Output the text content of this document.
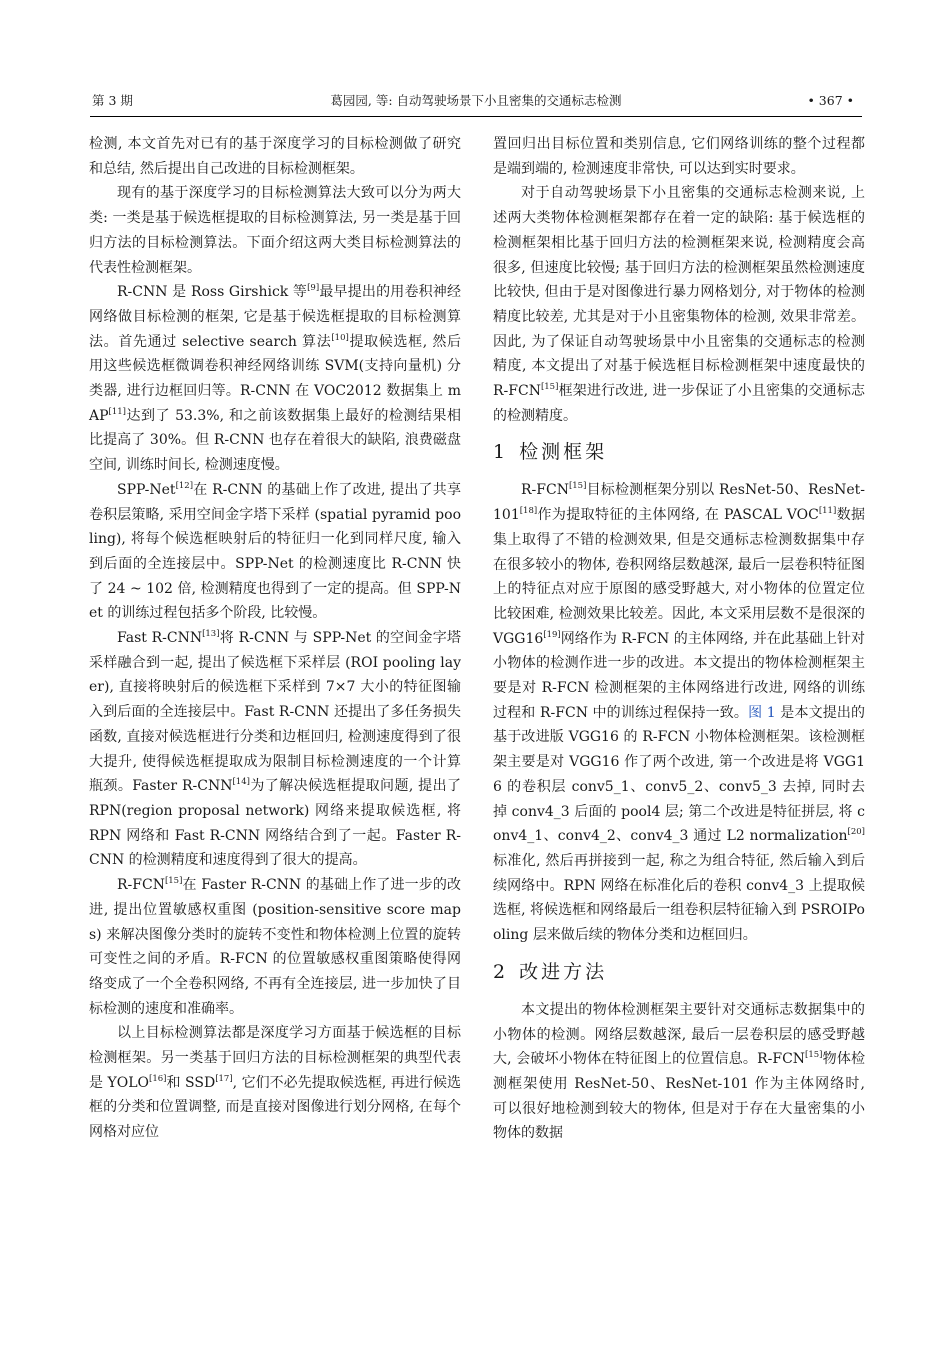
第 3 期	葛园园, 等: 自动驾驶场景下小且密集的交通标志检测	• 367 •

检测, 本文首先对已有的基于深度学习的目标检测做了研究和总结, 然后提出自己改进的目标检测框架。

现有的基于深度学习的目标检测算法大致可以分为两大类: 一类是基于候选框提取的目标检测算法, 另一类是基于回归方法的目标检测算法。下面介绍这两大类目标检测算法的代表性检测框架。

R-CNN 是 Ross Girshick 等[9]最早提出的用卷积神经网络做目标检测的框架, 它是基于候选框提取的目标检测算法。首先通过 selective search 算法[10]提取候选框, 然后用这些候选框微调卷积神经网络训练 SVM(支持向量机) 分类器, 进行边框回归等。R-CNN 在 VOC2012 数据集上 mAP[11]达到了 53.3%, 和之前该数据集上最好的检测结果相比提高了 30%。但 R-CNN 也存在着很大的缺陷, 浪费磁盘空间, 训练时间长, 检测速度慢。

SPP-Net[12]在 R-CNN 的基础上作了改进, 提出了共享卷积层策略, 采用空间金字塔下采样 (spatial pyramid pooling), 将每个候选框映射后的特征归一化到同样尺度, 输入到后面的全连接层中。SPP-Net 的检测速度比 R-CNN 快了 24 ~ 102 倍, 检测精度也得到了一定的提高。但 SPP-Net 的训练过程包括多个阶段, 比较慢。

Fast R-CNN[13]将 R-CNN 与 SPP-Net 的空间金字塔采样融合到一起, 提出了候选框下采样层 (ROI pooling layer), 直接将映射后的候选框下采样到 7×7 大小的特征图输入到后面的全连接层中。Fast R-CNN 还提出了多任务损失函数, 直接对候选框进行分类和边框回归, 检测速度得到了很大提升, 使得候选框提取成为限制目标检测速度的一个计算瓶颈。Faster R-CNN[14]为了解决候选框提取问题, 提出了 RPN(region proposal network) 网络来提取候选框, 将 RPN 网络和 Fast R-CNN 网络结合到了一起。Faster R-CNN 的检测精度和速度得到了很大的提高。

R-FCN[15]在 Faster R-CNN 的基础上作了进一步的改进, 提出位置敏感权重图 (position-sensitive score maps) 来解决图像分类时的旋转不变性和物体检测上位置的旋转可变性之间的矛盾。R-FCN 的位置敏感权重图策略使得网络变成了一个全卷积网络, 不再有全连接层, 进一步加快了目标检测的速度和准确率。

以上目标检测算法都是深度学习方面基于候选框的目标检测框架。另一类基于回归方法的目标检测框架的典型代表是 YOLO[16]和 SSD[17], 它们不必先提取候选框, 再进行候选框的分类和位置调整, 而是直接对图像进行划分网格, 在每个网格对应位

置回归出目标位置和类别信息, 它们网络训练的整个过程都是端到端的, 检测速度非常快, 可以达到实时要求。

对于自动驾驶场景下小且密集的交通标志检测来说, 上述两大类物体检测框架都存在着一定的缺陷: 基于候选框的检测框架相比基于回归方法的检测框架来说, 检测精度会高很多, 但速度比较慢; 基于回归方法的检测框架虽然检测速度比较快, 但由于是对图像进行暴力网格划分, 对于物体的检测精度比较差, 尤其是对于小且密集物体的检测, 效果非常差。因此, 为了保证自动驾驶场景中小且密集的交通标志的检测精度, 本文提出了对基于候选框目标检测框架中速度最快的 R-FCN[15]框架进行改进, 进一步保证了小且密集的交通标志的检测精度。

1 检测框架

R-FCN[15]目标检测框架分别以 ResNet-50、ResNet-101[18]作为提取特征的主体网络, 在 PASCAL VOC[11]数据集上取得了不错的检测效果, 但是交通标志检测数据集中存在很多较小的物体, 卷积网络层数越深, 最后一层卷积特征图上的特征点对应于原图的感受野越大, 对小物体的位置定位比较困难, 检测效果比较差。因此, 本文采用层数不是很深的 VGG16[19]网络作为 R-FCN 的主体网络, 并在此基础上针对小物体的检测作进一步的改进。本文提出的物体检测框架主要是对 R-FCN 检测框架的主体网络进行改进, 网络的训练过程和 R-FCN 中的训练过程保持一致。图 1 是本文提出的基于改进版 VGG16 的 R-FCN 小物体检测框架。该检测框架主要是对 VGG16 作了两个改进, 第一个改进是将 VGG16 的卷积层 conv5_1、conv5_2、conv5_3 去掉, 同时去掉 conv4_3 后面的 pool4 层; 第二个改进是特征拼层, 将 conv4_1、conv4_2、conv4_3 通过 L2 normalization[20] 标准化, 然后再拼接到一起, 称之为组合特征, 然后输入到后续网络中。RPN 网络在标准化后的卷积 conv4_3 上提取候选框, 将候选框和网络最后一组卷积层特征输入到 PSROIPooling 层来做后续的物体分类和边框回归。

2 改进方法

本文提出的物体检测框架主要针对交通标志数据集中的小物体的检测。网络层数越深, 最后一层卷积层的感受野越大, 会破坏小物体在特征图上的位置信息。R-FCN[15]物体检测框架使用 ResNet-50、ResNet-101 作为主体网络时, 可以很好地检测到较大的物体, 但是对于存在大量密集的小物体的数据
